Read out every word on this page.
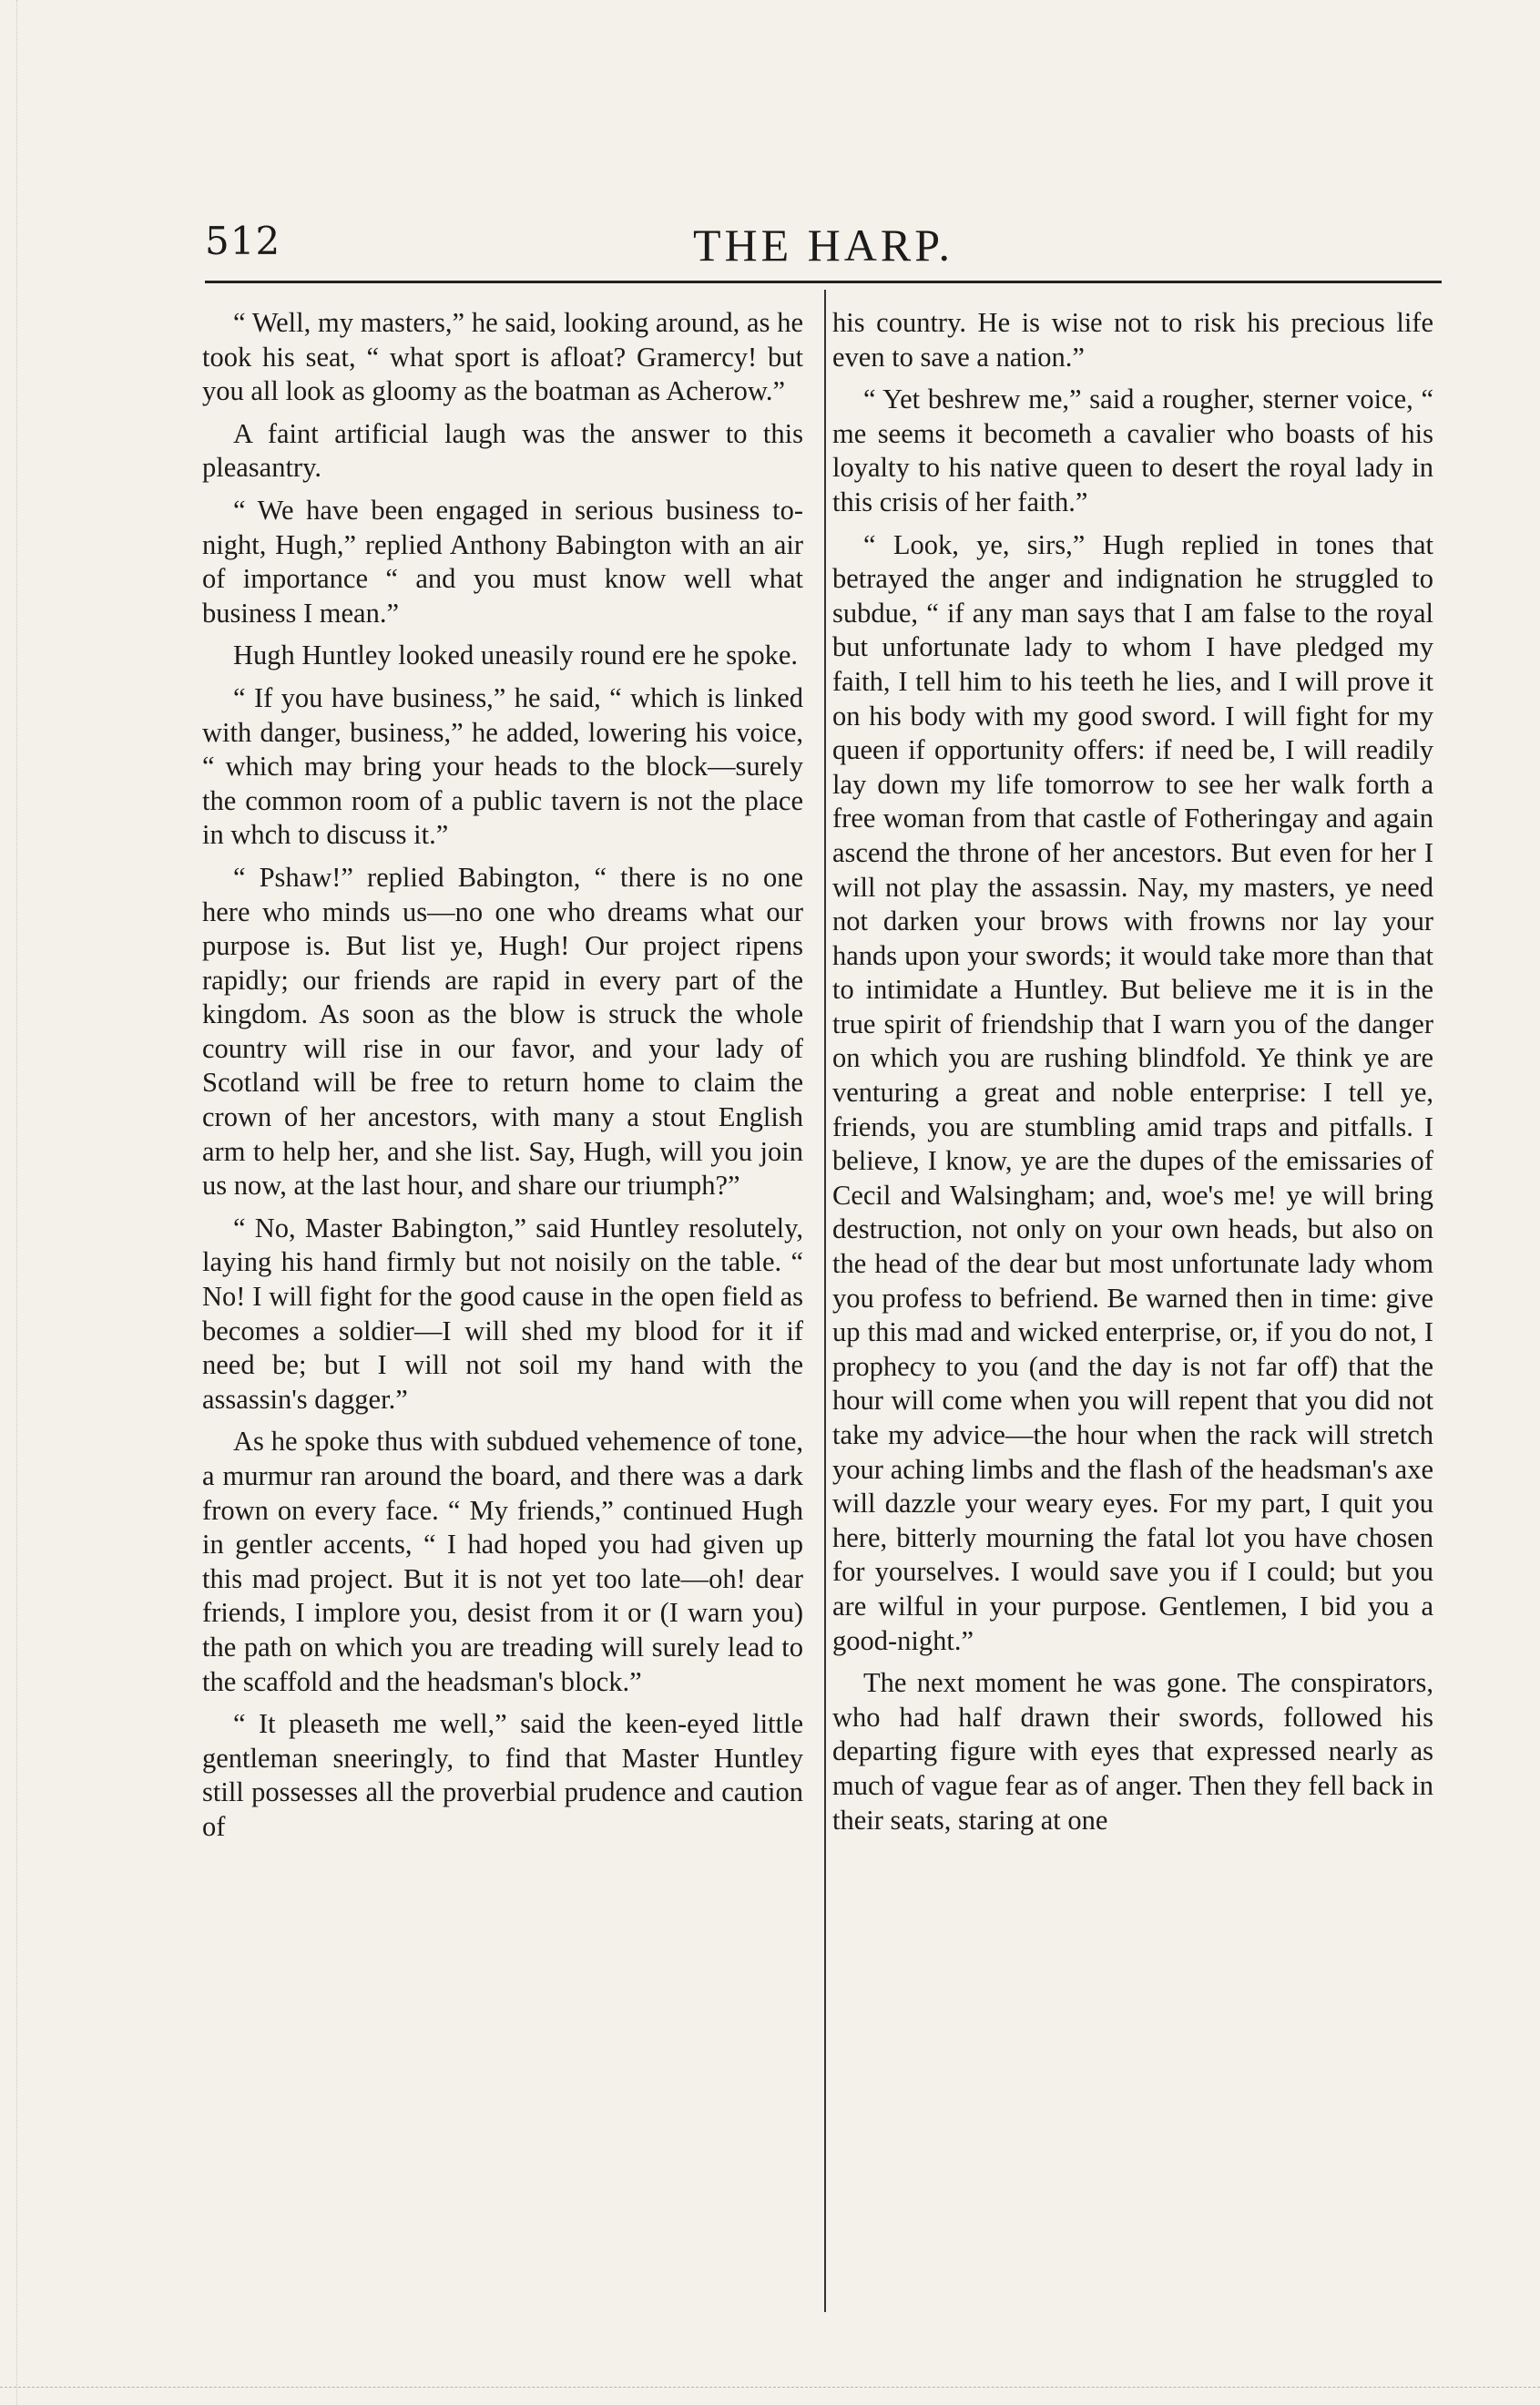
512	THE HARP.

“ Well, my masters,” he said, looking around, as he took his seat, “ what sport is afloat? Gramercy! but you all look as gloomy as the boatman as Acherow.”

A faint artificial laugh was the answer to this pleasantry.

“ We have been engaged in serious business to-night, Hugh,” replied Anthony Babington with an air of importance “ and you must know well what business I mean.”

Hugh Huntley looked uneasily round ere he spoke.

“ If you have business,” he said, “ which is linked with danger, business,” he added, lowering his voice, “ which may bring your heads to the block—surely the common room of a public tavern is not the place in whch to discuss it.”

“ Pshaw!” replied Babington, “ there is no one here who minds us—no one who dreams what our purpose is. But list ye, Hugh! Our project ripens rapidly; our friends are rapid in every part of the kingdom. As soon as the blow is struck the whole country will rise in our favor, and your lady of Scotland will be free to return home to claim the crown of her ancestors, with many a stout English arm to help her, and she list. Say, Hugh, will you join us now, at the last hour, and share our triumph?”

“ No, Master Babington,” said Huntley resolutely, laying his hand firmly but not noisily on the table. “ No! I will fight for the good cause in the open field as becomes a soldier—I will shed my blood for it if need be; but I will not soil my hand with the assassin's dagger.”

As he spoke thus with subdued vehemence of tone, a murmur ran around the board, and there was a dark frown on every face. “ My friends,” continued Hugh in gentler accents, “ I had hoped you had given up this mad project. But it is not yet too late—oh! dear friends, I implore you, desist from it or (I warn you) the path on which you are treading will surely lead to the scaffold and the headsman's block.”

“ It pleaseth me well,” said the keen-eyed little gentleman sneeringly, to find that Master Huntley still possesses all the proverbial prudence and caution of

his country. He is wise not to risk his precious life even to save a nation.”

“ Yet beshrew me,” said a rougher, sterner voice, “ me seems it becometh a cavalier who boasts of his loyalty to his native queen to desert the royal lady in this crisis of her faith.”

“ Look, ye, sirs,” Hugh replied in tones that betrayed the anger and indignation he struggled to subdue, “ if any man says that I am false to the royal but unfortunate lady to whom I have pledged my faith, I tell him to his teeth he lies, and I will prove it on his body with my good sword. I will fight for my queen if opportunity offers: if need be, I will readily lay down my life tomorrow to see her walk forth a free woman from that castle of Fotheringay and again ascend the throne of her ancestors. But even for her I will not play the assassin. Nay, my masters, ye need not darken your brows with frowns nor lay your hands upon your swords; it would take more than that to intimidate a Huntley. But believe me it is in the true spirit of friendship that I warn you of the danger on which you are rushing blindfold. Ye think ye are venturing a great and noble enterprise: I tell ye, friends, you are stumbling amid traps and pitfalls. I believe, I know, ye are the dupes of the emissaries of Cecil and Walsingham; and, woe's me! ye will bring destruction, not only on your own heads, but also on the head of the dear but most unfortunate lady whom you profess to befriend. Be warned then in time: give up this mad and wicked enterprise, or, if you do not, I prophecy to you (and the day is not far off) that the hour will come when you will repent that you did not take my advice—the hour when the rack will stretch your aching limbs and the flash of the headsman's axe will dazzle your weary eyes. For my part, I quit you here, bitterly mourning the fatal lot you have chosen for yourselves. I would save you if I could; but you are wilful in your purpose. Gentlemen, I bid you a good-night.”

The next moment he was gone. The conspirators, who had half drawn their swords, followed his departing figure with eyes that expressed nearly as much of vague fear as of anger. Then they fell back in their seats, staring at one
